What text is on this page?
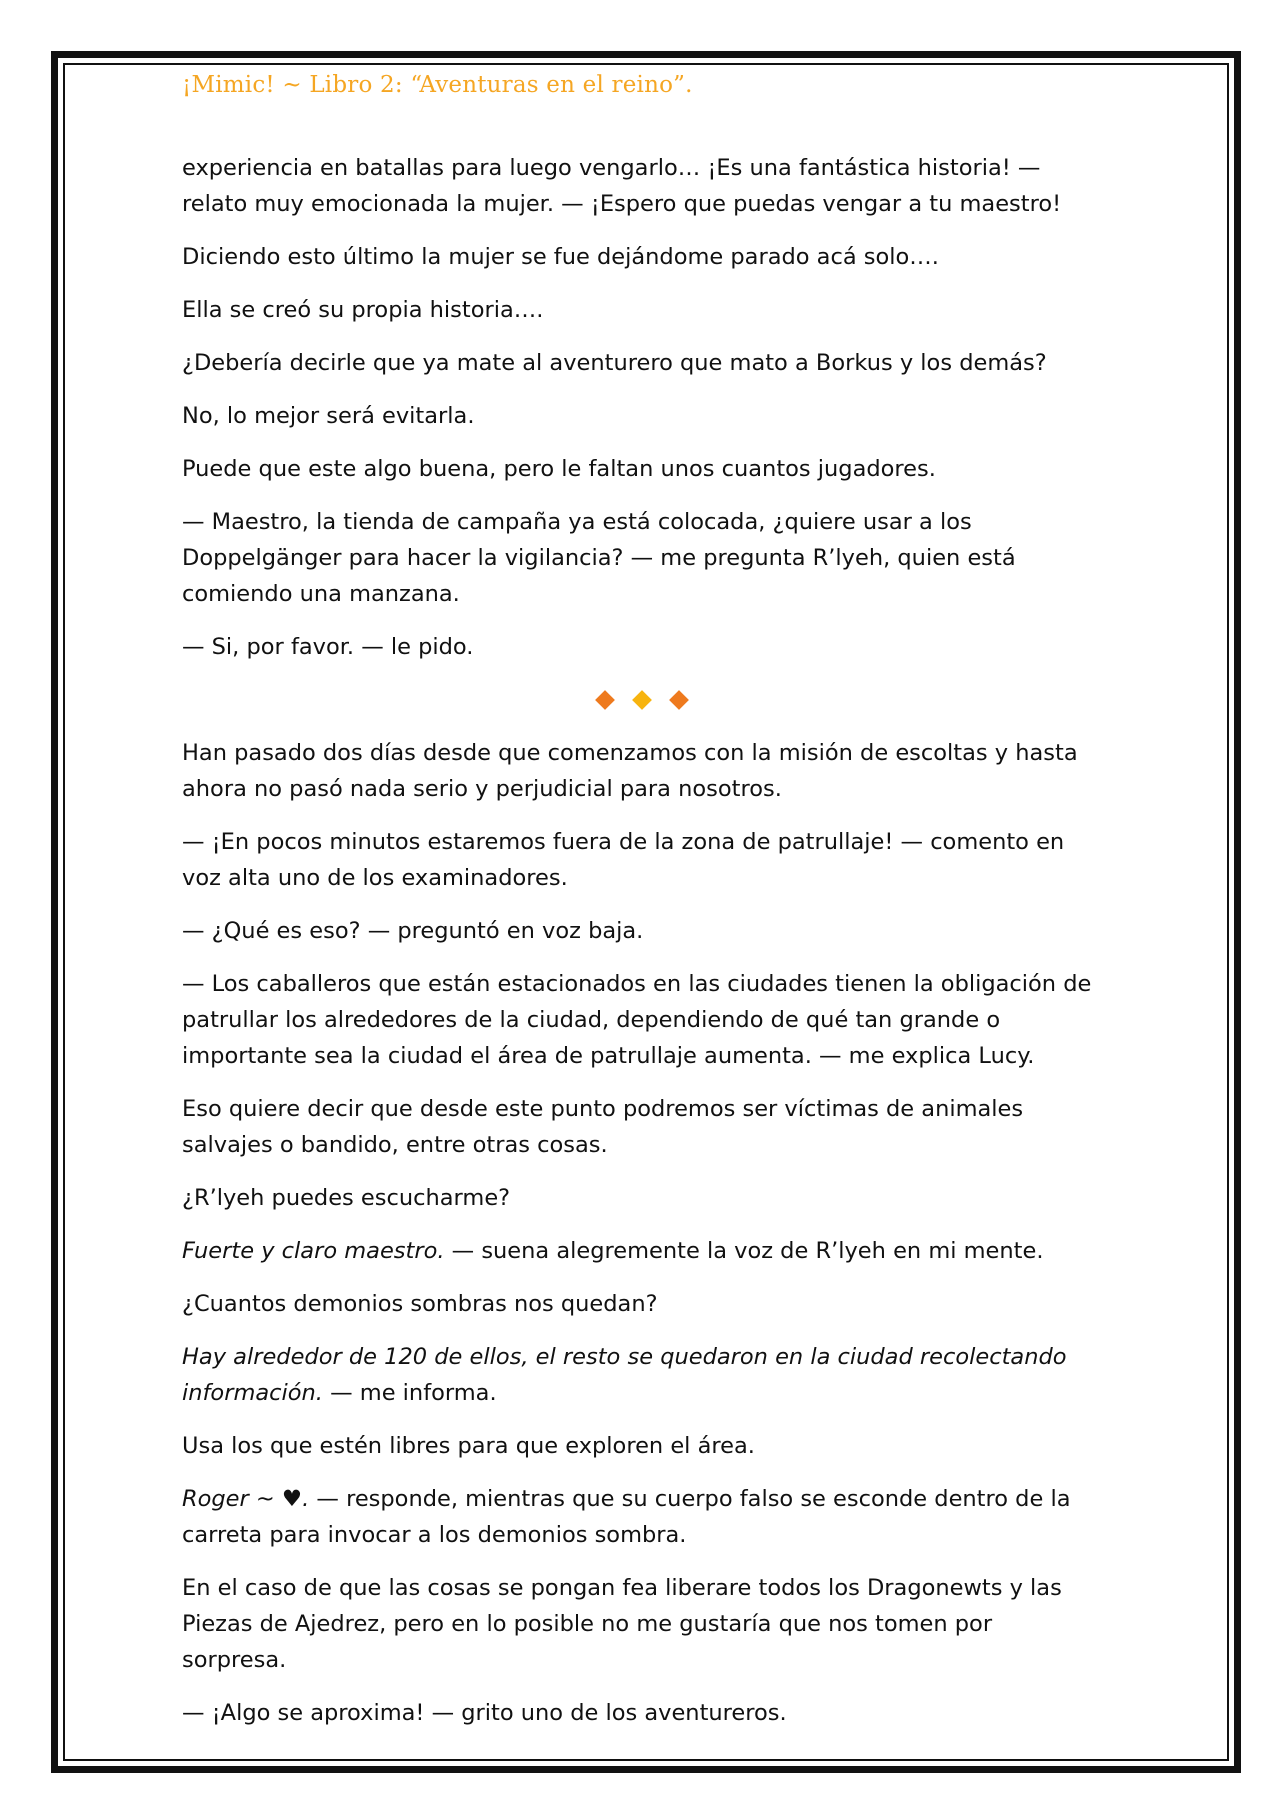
¡Mimic! ~ Libro 2: “Aventuras en el reino”.

experiencia en batallas para luego vengarlo… ¡Es una fantástica historia! — relato muy emocionada la mujer. — ¡Espero que puedas vengar a tu maestro!

Diciendo esto último la mujer se fue dejándome parado acá solo….

Ella se creó su propia historia….

¿Debería decirle que ya mate al aventurero que mato a Borkus y los demás?

No, lo mejor será evitarla.

Puede que este algo buena, pero le faltan unos cuantos jugadores.

— Maestro, la tienda de campaña ya está colocada, ¿quiere usar a los Doppelgänger para hacer la vigilancia? — me pregunta R’lyeh, quien está comiendo una manzana.

— Si, por favor. — le pido.

Han pasado dos días desde que comenzamos con la misión de escoltas y hasta ahora no pasó nada serio y perjudicial para nosotros.

— ¡En pocos minutos estaremos fuera de la zona de patrullaje! — comento en voz alta uno de los examinadores.

— ¿Qué es eso? — preguntó en voz baja.

— Los caballeros que están estacionados en las ciudades tienen la obligación de patrullar los alrededores de la ciudad, dependiendo de qué tan grande o importante sea la ciudad el área de patrullaje aumenta. — me explica Lucy.

Eso quiere decir que desde este punto podremos ser víctimas de animales salvajes o bandido, entre otras cosas.

¿R’lyeh puedes escucharme?

Fuerte y claro maestro. — suena alegremente la voz de R’lyeh en mi mente.

¿Cuantos demonios sombras nos quedan?

Hay alrededor de 120 de ellos, el resto se quedaron en la ciudad recolectando información. — me informa.

Usa los que estén libres para que exploren el área.

Roger ~ ♥. — responde, mientras que su cuerpo falso se esconde dentro de la carreta para invocar a los demonios sombra.

En el caso de que las cosas se pongan fea liberare todos los Dragonewts y las Piezas de Ajedrez, pero en lo posible no me gustaría que nos tomen por sorpresa.

— ¡Algo se aproxima! — grito uno de los aventureros.
